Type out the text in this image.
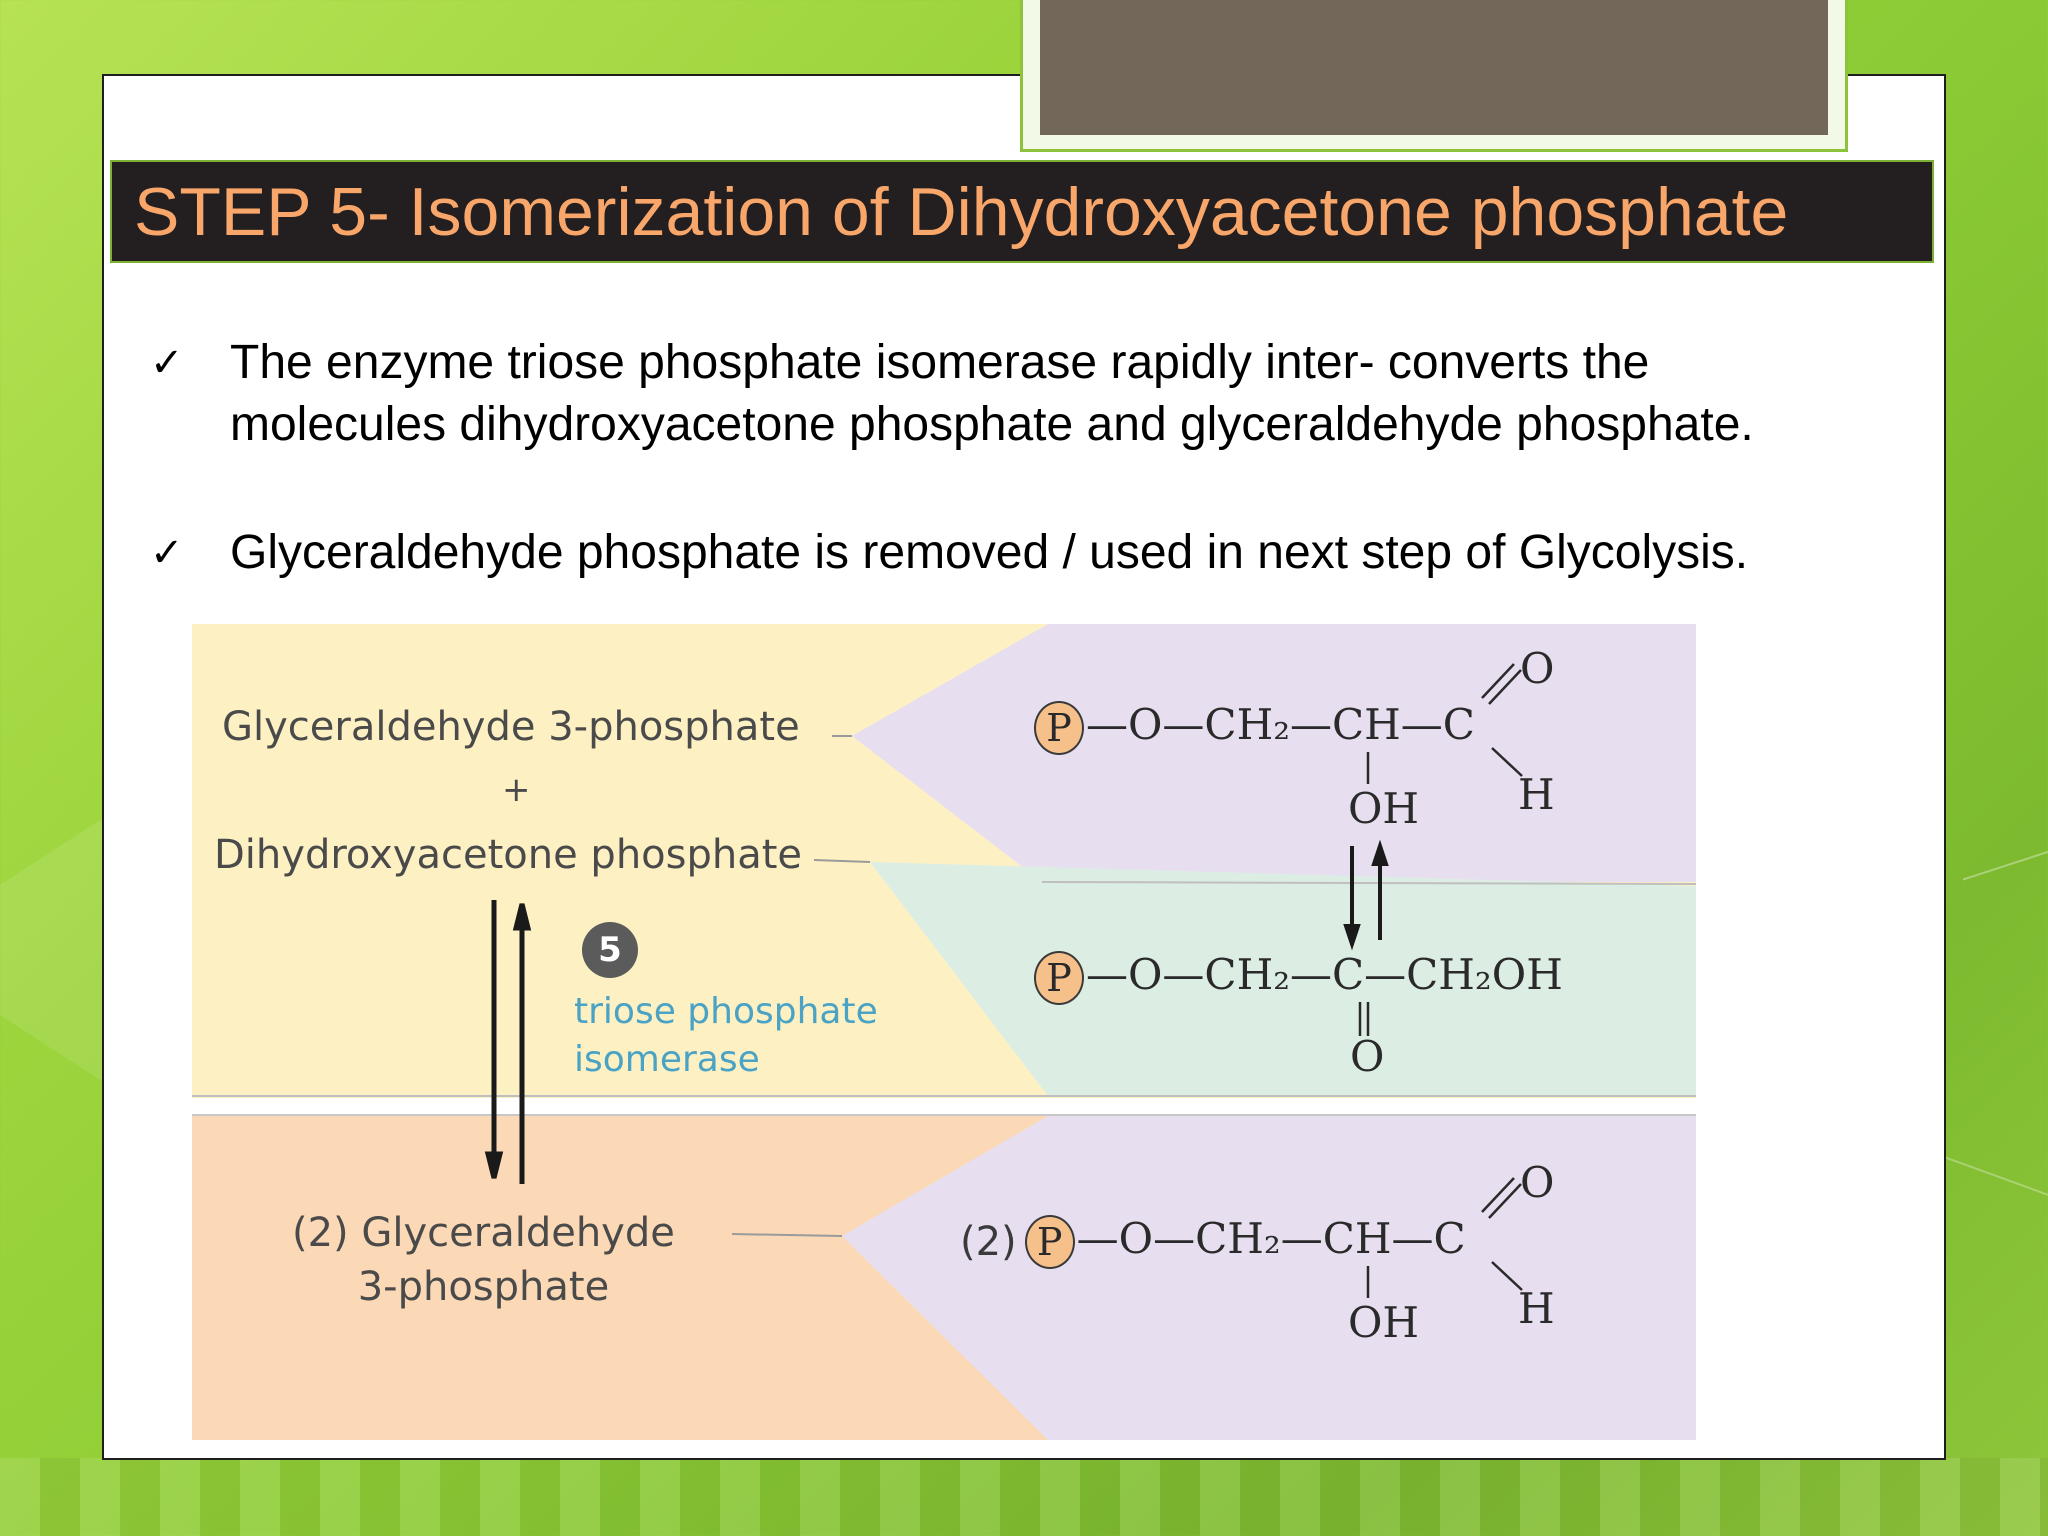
STEP 5- Isomerization of Dihydroxyacetone phosphate
✓ The enzyme triose phosphate isomerase rapidly inter- converts the
molecules dihydroxyacetone phosphate and glyceraldehyde phosphate.
✓ Glyceraldehyde phosphate is removed / used in next step of Glycolysis.
Glyceraldehyde 3-phosphate
+
Dihydroxyacetone phosphate
5
triose phosphate
isomerase
(2) Glyceraldehyde
3-phosphate
P —O—CH₂—CH—C
O
H
OH
P —O—CH₂—C—CH₂OH
O
(2) P —O—CH₂—CH—C
O
H
OH
